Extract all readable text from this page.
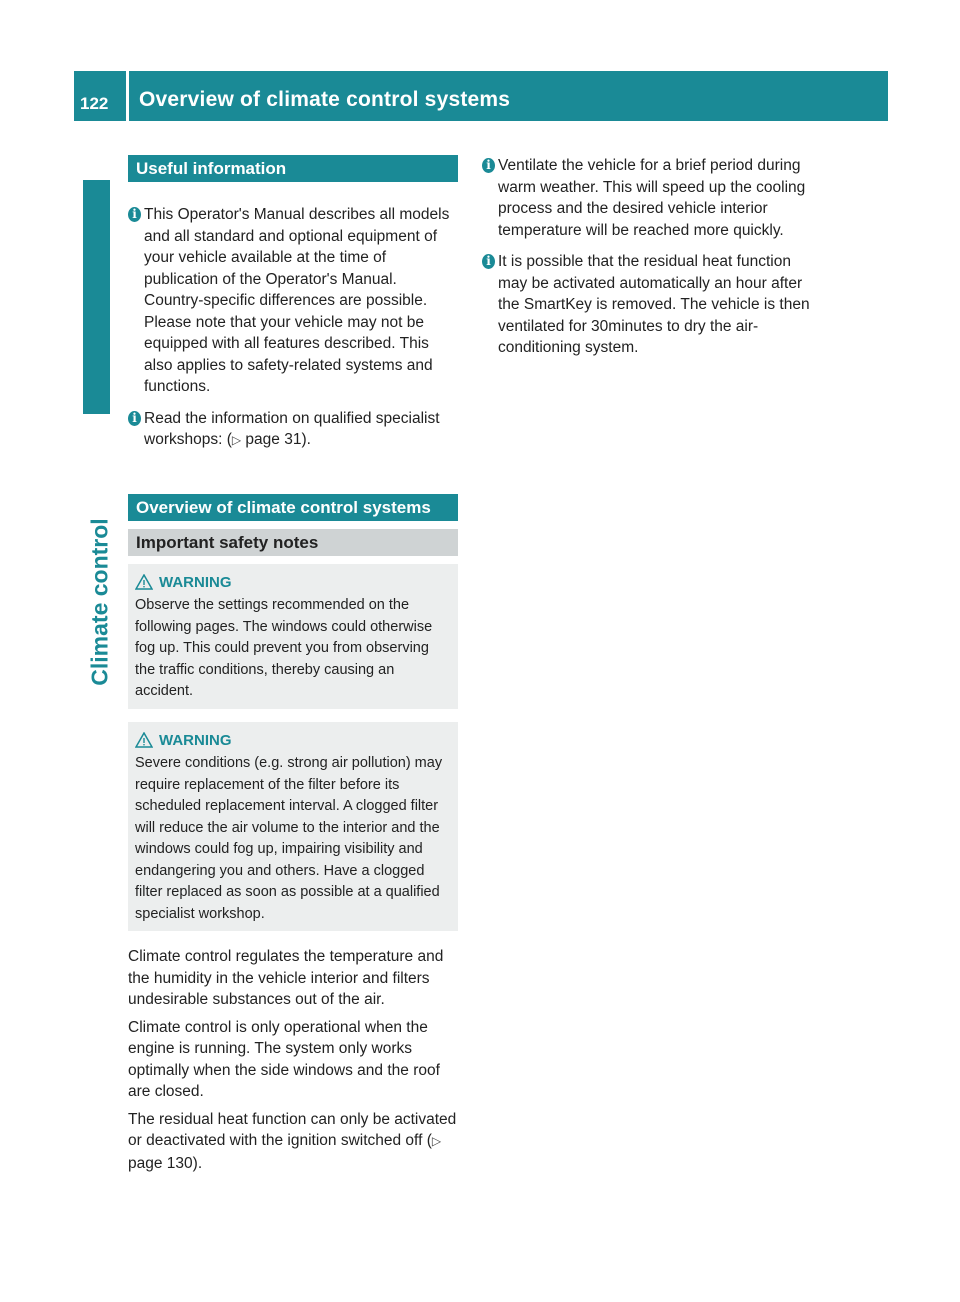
122	Overview of climate control systems
Climate control
Useful information
i This Operator's Manual describes all models and all standard and optional equipment of your vehicle available at the time of publication of the Operator's Manual. Country-specific differences are possible. Please note that your vehicle may not be equipped with all features described. This also applies to safety-related systems and functions.

i Read the information on qualified specialist workshops: (▷ page 31).

Overview of climate control systems
Important safety notes
WARNING

Observe the settings recommended on the following pages. The windows could otherwise fog up. This could prevent you from observing the traffic conditions, thereby causing an accident.

WARNING

Severe conditions (e.g. strong air pollution) may require replacement of the filter before its scheduled replacement interval. A clogged filter will reduce the air volume to the interior and the windows could fog up, impairing visibility and endangering you and others. Have a clogged filter replaced as soon as possible at a qualified specialist workshop.

Climate control regulates the temperature and the humidity in the vehicle interior and filters undesirable substances out of the air.

Climate control is only operational when the engine is running. The system only works optimally when the side windows and the roof are closed.

The residual heat function can only be activated or deactivated with the ignition switched off (▷ page 130).

i Ventilate the vehicle for a brief period during warm weather. This will speed up the cooling process and the desired vehicle interior temperature will be reached more quickly.

i It is possible that the residual heat function may be activated automatically an hour after the SmartKey is removed. The vehicle is then ventilated for 30minutes to dry the air-conditioning system.
